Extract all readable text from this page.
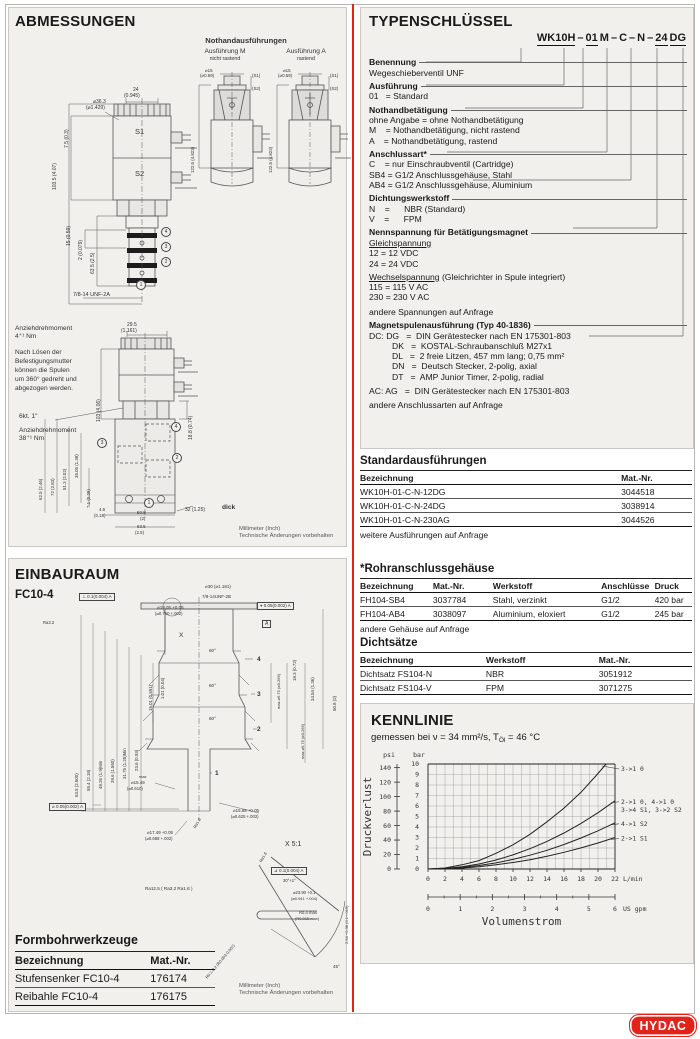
ABMESSUNGEN
24
(0.945)
⌀36.3
(⌀1.429)
7.5 (0.3)
103.5 (4.07)
15 (0.59)
2 (0.079)
63.5 (2.5)
S1
S2
4
3
2
1
7/8-14 UNF-2A
Nothandausführungen
Ausführung M
nicht rastend
Ausführung A
rastend
⌀15
(⌀0.59)	(S1)
(S2)
⌀15
(⌀0.59)	(S1)
(S2)
122.5 (4.823)	122.5 (4.823)
Anziehdrehmoment
4⁺¹ Nm
29.5
(1.161)
Nach Lösen der
Befestigungsmutter
können die Spulen
um 360° gedreht und
abgezogen werden.
103 (4.06)
6kt. 1"
Anziehdrehmoment
38⁺¹ Nm	18.8 (0.74)
4
3
2
1
62.5 (2.46) 72 (2.83) 51.3 (2.02)
35.05 (1.38)
7.1 (0.28)
4.6
(0.18)
50.8
(2)
63.5
(2.5)
32 (1.25)	dick
Millimeter (Inch)
Technische Änderungen vorbehalten
EINBAURAUM
FC10-4	⊥ 0.1(0.004) A
⌀30 (⌀1.181)
7/8-14UNF-2B
⌀19.05 +0.05
(⌀0.750 +.002)
⌖ 0.05(0.002) A
A
X
Ra3.2
63.5 (2.500) 55.4 (2.18) 48.26 (1.9)Min 39.6 (1.560) 31.75 (1.25)Min 23.6 (0.93)
15.01 (0.591) 1.01 (0.04)
60°
60°
60°
4
3
2
1
18.3 (0.72)
34.54 (1.36)
50.8 (2)
max ⌀6.75 (⌀0.266)
max ⌀6.75 (⌀0.266)
max
⌀15.49
(⌀0.610)
⌀ 0.05(0.002) A
Ra1.6
⌀17.49 +0.05
(⌀0.688 +.002)
⌀15.88 +0.05
(⌀0.625 +.002)
X 5:1
Ra1.6
Ra12.5 ( Ra3.2 Ra1.6 )
⊿ 0.1(0.004) A
30°+1°
⌀23.90 +0.1
(⌀0.941 +.004)
R0.4 max
(R0.015 max)	2.54 +0.38 (0.1+.015)
45°
R0.1-0.2 (R0.003-0.007)
Formbohrwerkzeuge
Bezeichnung	Mat.-Nr.
Stufensenker FC10-4	176174
Reibahle FC10-4	176175
Millimeter (Inch)
Technische Änderungen vorbehalten
TYPENSCHLÜSSEL
WK10H – 01 M – C – N – 24 DG
Benennung
Wegeschieberventil UNF
Ausführung
01   = Standard
Nothandbetätigung
ohne Angabe = ohne Nothandbetätigung
M    = Nothandbetätigung, nicht rastend
A    = Nothandbetätigung, rastend
Anschlussart*
C    = nur Einschraubventil (Cartridge)
SB4 = G1/2 Anschlussgehäuse, Stahl
AB4 = G1/2 Anschlussgehäuse, Aluminium
Dichtungswerkstoff
N    =      NBR (Standard)
V    =      FPM
Nennspannung für Betätigungsmagnet
Gleichspannung
12 = 12 VDC
24 = 24 VDC
Wechselspannung (Gleichrichter in Spule integriert)
115 = 115 V AC
230 = 230 V AC
andere Spannungen auf Anfrage
Magnetspulenausführung (Typ 40-1836)
DC: DG   =  DIN Gerätestecker nach EN 175301-803
DK   =  KOSTAL-Schraubanschluß M27x1
DL   =  2 freie Litzen, 457 mm lang; 0,75 mm²
DN   =  Deutsch Stecker, 2-polig, axial
DT   =  AMP Junior Timer, 2-polig, radial
AC: AG   =  DIN Gerätestecker nach EN 175301-803
andere Anschlussarten auf Anfrage
Standardausführungen
Bezeichnung	Mat.-Nr.
WK10H-01-C-N-12DG	3044518
WK10H-01-C-N-24DG	3038914
WK10H-01-C-N-230AG	3044526
weitere Ausführungen auf Anfrage
*Rohranschlussgehäuse
Bezeichnung	Mat.-Nr.	Werkstoff	Anschlüsse	Druck
FH104-SB4	3037784	Stahl, verzinkt	G1/2	420 bar
FH104-AB4	3038097	Aluminium, eloxiert	G1/2	245 bar
andere Gehäuse auf Anfrage
Dichtsätze
Bezeichnung	Werkstoff	Mat.-Nr.
Dichtsatz FS104-N	NBR	3051912
Dichtsatz FS104-V	FPM	3071275
KENNLINIE
gemessen bei ν = 34 mm²/s, $T_{Öl} = 46$ °C
0
1
2
3
4
5
6
7
8
9
10
0
20
40
60
80
100
120
140
psi	bar
0 2 4 6 8 10 12 14 16 18 20 22 L/min
0	1	2	3	4	5	6 US gpm
Volumenstrom
Druckverlust
3->1 0
2->1 0, 4->1 0
3->4 S1, 3->2 S2
4->1 S2
2->1 S1
HYDAC
